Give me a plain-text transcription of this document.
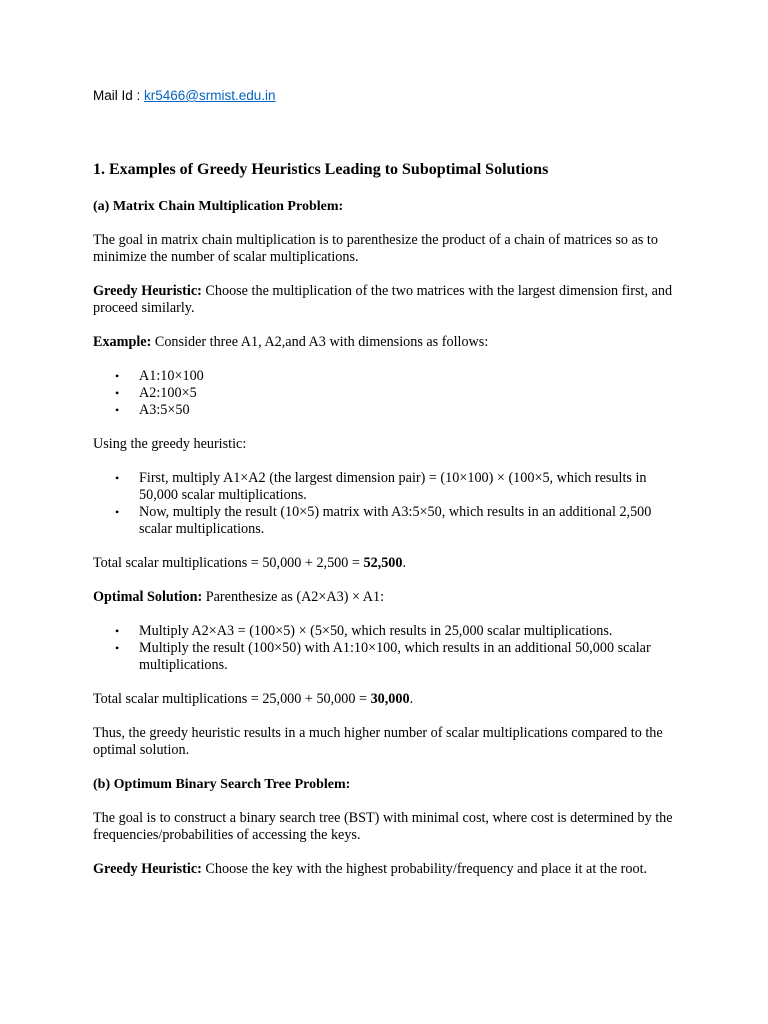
Mail Id : kr5466@srmist.edu.in
1. Examples of Greedy Heuristics Leading to Suboptimal Solutions
(a) Matrix Chain Multiplication Problem:

The goal in matrix chain multiplication is to parenthesize the product of a chain of matrices so as to minimize the number of scalar multiplications.

Greedy Heuristic: Choose the multiplication of the two matrices with the largest dimension first, and proceed similarly.

Example: Consider three A1, A2,and A3 with dimensions as follows:

• A1:10×100
• A2:100×5
• A3:5×50

Using the greedy heuristic:

• First, multiply A1×A2 (the largest dimension pair) = (10×100) × (100×5, which results in 50,000 scalar multiplications.
• Now, multiply the result (10×5) matrix with A3:5×50, which results in an additional 2,500 scalar multiplications.

Total scalar multiplications = 50,000 + 2,500 = 52,500.

Optimal Solution: Parenthesize as (A2×A3) × A1:

• Multiply A2×A3 = (100×5) × (5×50, which results in 25,000 scalar multiplications.
• Multiply the result (100×50) with A1:10×100, which results in an additional 50,000 scalar multiplications.

Total scalar multiplications = 25,000 + 50,000 = 30,000.

Thus, the greedy heuristic results in a much higher number of scalar multiplications compared to the optimal solution.

(b) Optimum Binary Search Tree Problem:

The goal is to construct a binary search tree (BST) with minimal cost, where cost is determined by the frequencies/probabilities of accessing the keys.

Greedy Heuristic: Choose the key with the highest probability/frequency and place it at the root.
